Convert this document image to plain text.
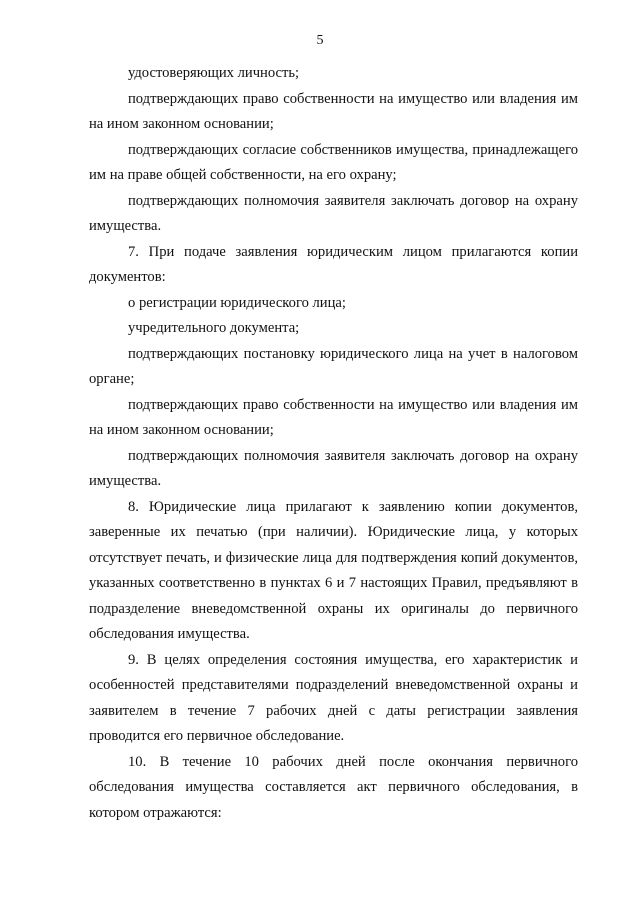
5

удостоверяющих личность;

подтверждающих право собственности на имущество или владения им на ином законном основании;

подтверждающих согласие собственников имущества, принадлежащего им на праве общей собственности, на его охрану;

подтверждающих полномочия заявителя заключать договор на охрану имущества.

7. При подаче заявления юридическим лицом прилагаются копии документов:

о регистрации юридического лица;

учредительного документа;

подтверждающих постановку юридического лица на учет в налоговом органе;

подтверждающих право собственности на имущество или владения им на ином законном основании;

подтверждающих полномочия заявителя заключать договор на охрану имущества.

8. Юридические лица прилагают к заявлению копии документов, заверенные их печатью (при наличии). Юридические лица, у которых отсутствует печать, и физические лица для подтверждения копий документов, указанных соответственно в пунктах 6 и 7 настоящих Правил, предъявляют в подразделение вневедомственной охраны их оригиналы до первичного обследования имущества.

9. В целях определения состояния имущества, его характеристик и особенностей представителями подразделений вневедомственной охраны и заявителем в течение 7 рабочих дней с даты регистрации заявления проводится его первичное обследование.

10. В течение 10 рабочих дней после окончания первичного обследования имущества составляется акт первичного обследования, в котором отражаются:
